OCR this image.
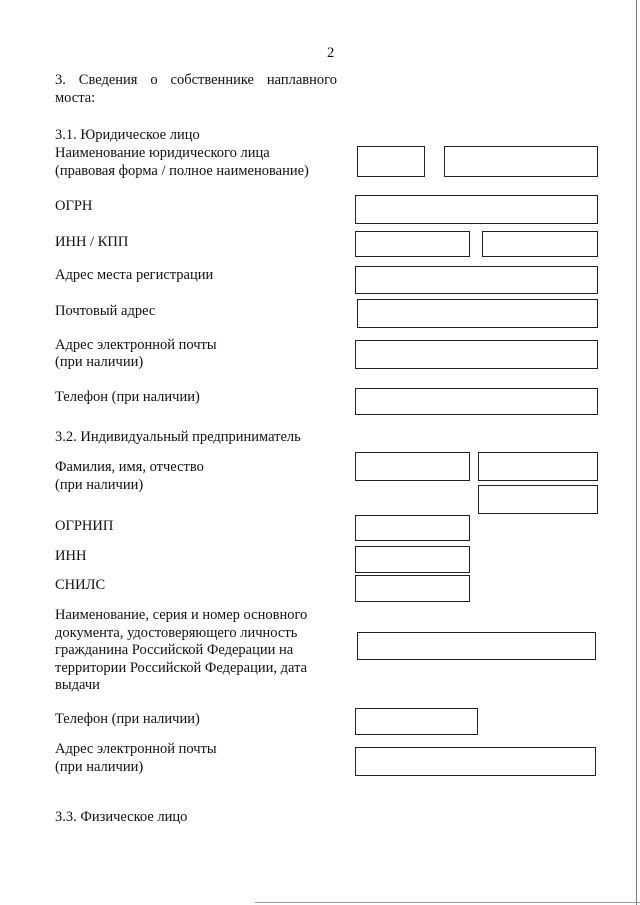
2
3. Сведения о собственнике наплавного
моста:
3.1. Юридическое лицо
Наименование юридического лица
(правовая форма / полное наименование)
ОГРН
ИНН / КПП
Адрес места регистрации
Почтовый адрес
Адрес электронной почты
(при наличии)
Телефон (при наличии)
3.2. Индивидуальный предприниматель
Фамилия, имя, отчество
(при наличии)
ОГРНИП
ИНН
СНИЛС
Наименование, серия и номер основного
документа, удостоверяющего личность
гражданина Российской Федерации на
территории Российской Федерации, дата
выдачи
Телефон (при наличии)
Адрес электронной почты
(при наличии)
3.3. Физическое лицо
